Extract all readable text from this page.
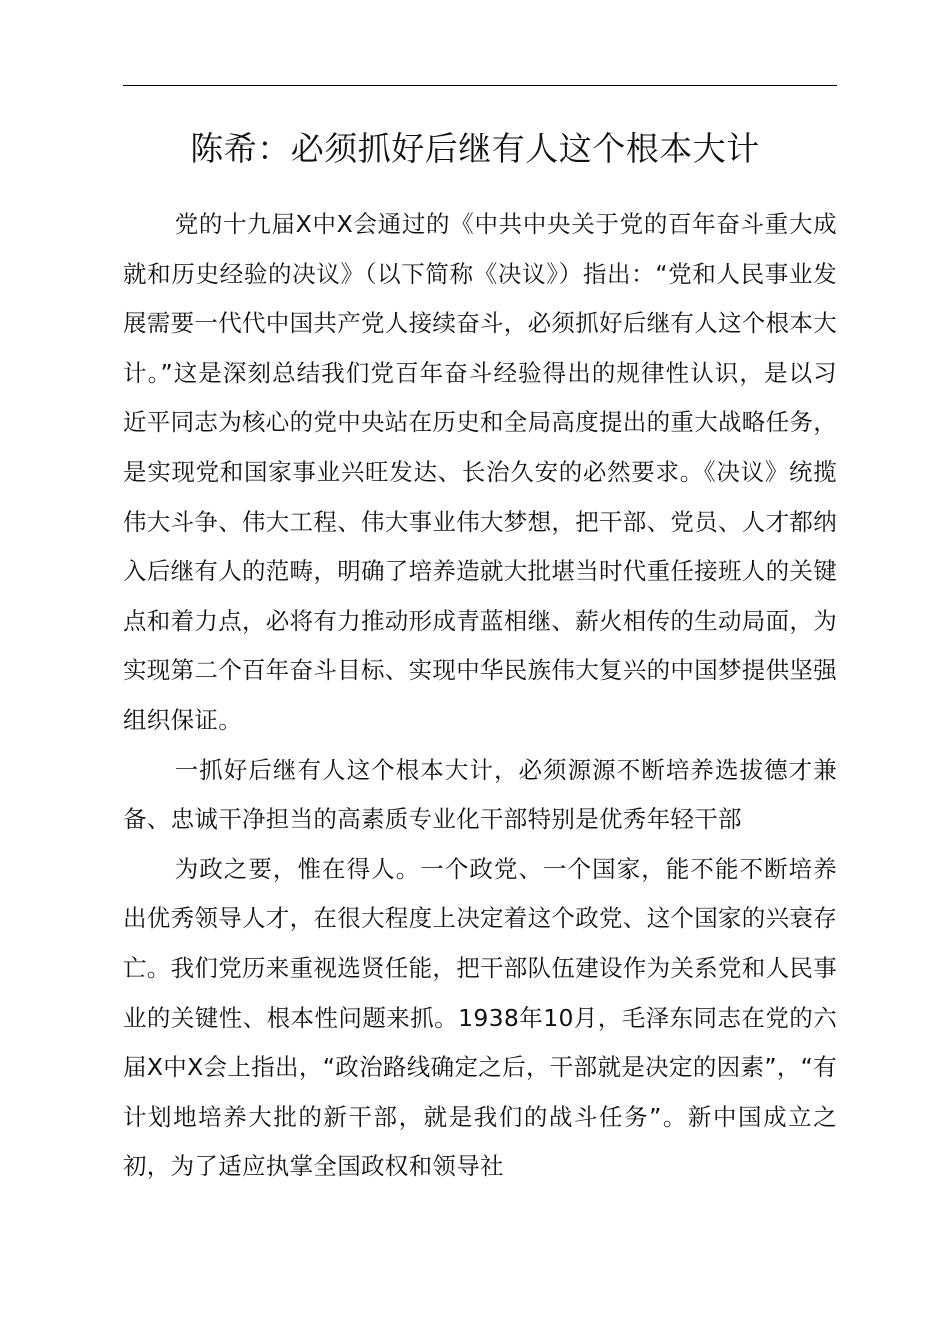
陈希：必须抓好后继有人这个根本大计

党的十九届X中X会通过的《中共中央关于党的百年奋斗重大成就和历史经验的决议》（以下简称《决议》）指出：“党和人民事业发展需要一代代中国共产党人接续奋斗，必须抓好后继有人这个根本大计。”这是深刻总结我们党百年奋斗经验得出的规律性认识，是以习近平同志为核心的党中央站在历史和全局高度提出的重大战略任务，是实现党和国家事业兴旺发达、长治久安的必然要求。《决议》统揽伟大斗争、伟大工程、伟大事业伟大梦想，把干部、党员、人才都纳入后继有人的范畴，明确了培养造就大批堪当时代重任接班人的关键点和着力点，必将有力推动形成青蓝相继、薪火相传的生动局面，为实现第二个百年奋斗目标、实现中华民族伟大复兴的中国梦提供坚强组织保证。

一抓好后继有人这个根本大计，必须源源不断培养选拔德才兼备、忠诚干净担当的高素质专业化干部特别是优秀年轻干部

为政之要，惟在得人。一个政党、一个国家，能不能不断培养出优秀领导人才，在很大程度上决定着这个政党、这个国家的兴衰存亡。我们党历来重视选贤任能，把干部队伍建设作为关系党和人民事业的关键性、根本性问题来抓。1938年10月，毛泽东同志在党的六届X中X会上指出，“政治路线确定之后，干部就是决定的因素”，“有计划地培养大批的新干部，就是我们的战斗任务”。新中国成立之初，为了适应执掌全国政权和领导社
